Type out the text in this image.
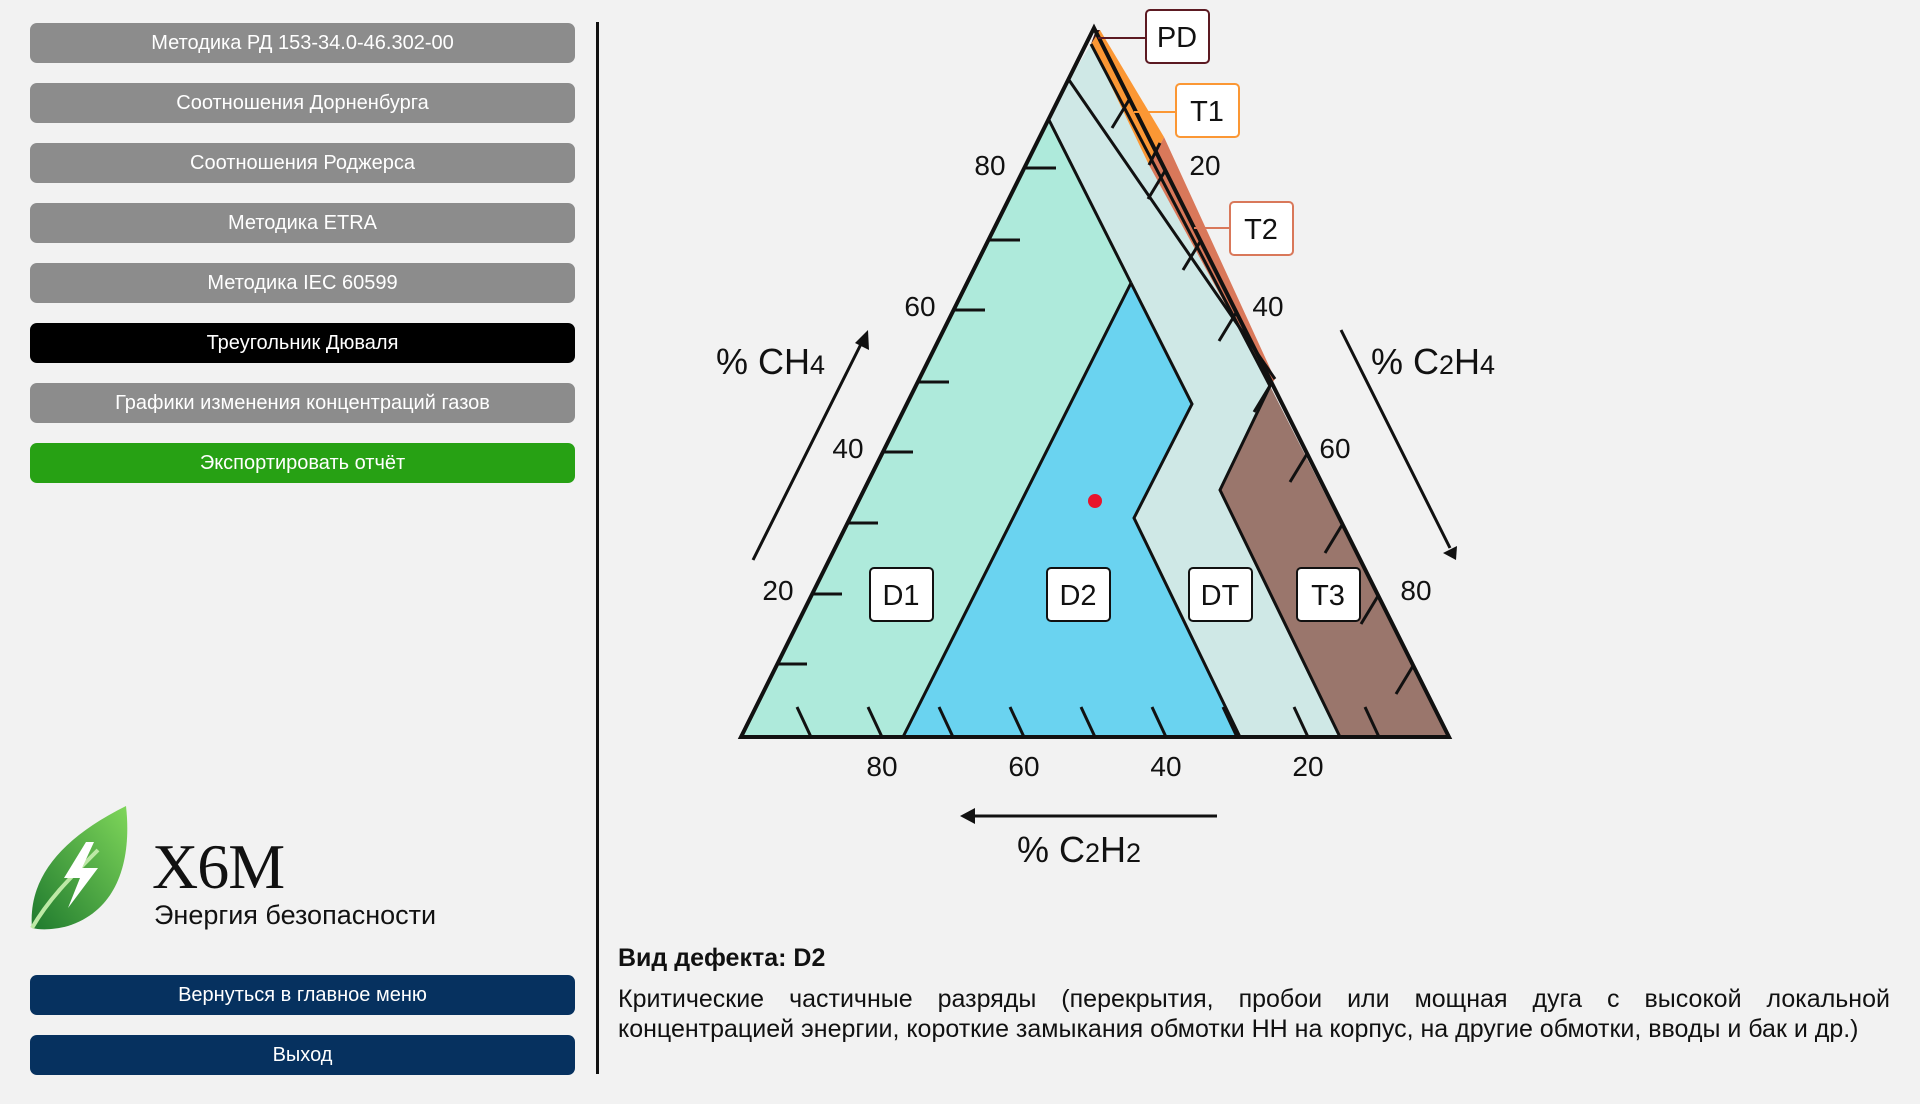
Методика РД 153-34.0-46.302-00
Соотношения Дорненбурга
Соотношения Роджерса
Методика ETRA
Методика IEC 60599
Треугольник Дюваля
Графики изменения концентраций газов
Экспортировать отчёт
Х6М
Энергия безопасности
Вернуться в главное меню
Выход
80
60
40
20
20
40
60
80
80	60	40	20
% CH4	% C2H4
% C2H2
PD
T1
T2
D1	D2	DT T3
Вид дефекта: D2
Критические частичные разряды (перекрытия, пробои или мощная дуга с высокой локальной концентрацией энергии, короткие замыкания обмотки НН на корпус, на другие обмотки, вводы и бак и др.)
